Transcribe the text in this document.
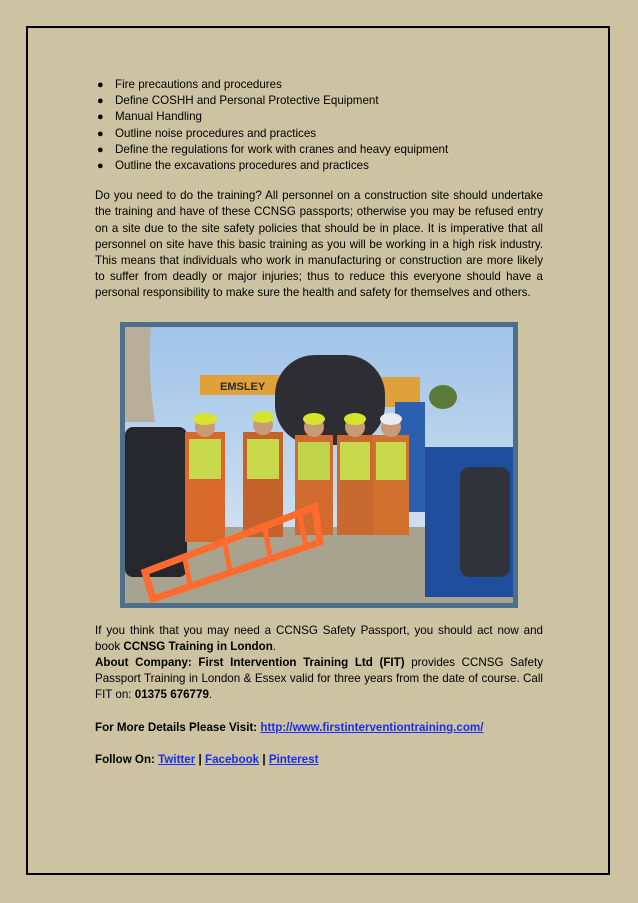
● Fire precautions and procedures
● Define COSHH and Personal Protective Equipment
● Manual Handling
● Outline noise procedures and practices
● Define the regulations for work with cranes and heavy equipment
● Outline the excavations procedures and practices

Do you need to do the training? All personnel on a construction site should undertake the training and have of these CCNSG passports; otherwise you may be refused entry on a site due to the site safety policies that should be in place. It is imperative that all personnel on site have this basic training as you will be working in a high risk industry. This means that individuals who work in manufacturing or construction are more likely to suffer from deadly or major injuries; thus to reduce this everyone should have a personal responsibility to make sure the health and safety for themselves and others.

EMSLEY

If you think that you may need a CCNSG Safety Passport, you should act now and book CCNSG Training in London.

About Company: First Intervention Training Ltd (FIT) provides CCNSG Safety Passport Training in London & Essex valid for three years from the date of course. Call FIT on: 01375 676779.

For More Details Please Visit: http://www.firstinterventiontraining.com/

Follow On: Twitter | Facebook | Pinterest
